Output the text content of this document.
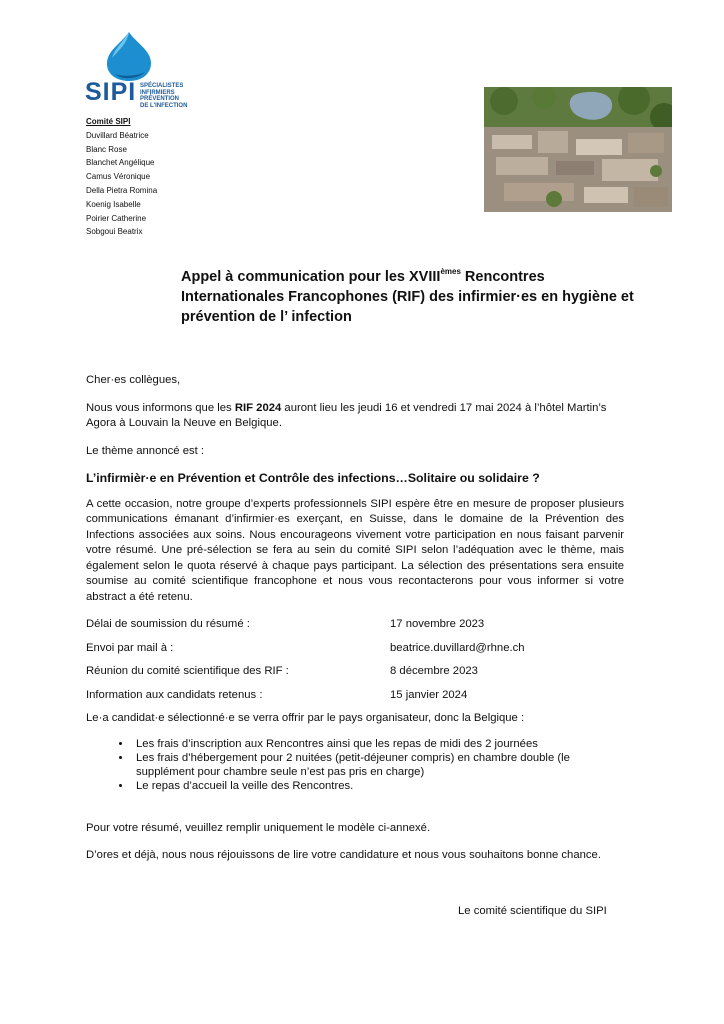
SIPI SPÉCIALISTES INFIRMIERS
PRÉVENTION
DE L'INFECTION
Comité SIPI
Duvillard Béatrice
Blanc Rose
Blanchet Angélique
Camus Véronique
Della Pietra Romina
Koenig Isabelle
Poirier Catherine
Sobgoui Beatrix
Appel à communication pour les XVIIIèmes Rencontres Internationales Francophones (RIF) des infirmier·es en hygiène et prévention de l’ infection

Cher·es collègues,

Nous vous informons que les RIF 2024 auront lieu les jeudi 16 et vendredi 17 mai 2024 à l’hôtel Martin’s Agora à Louvain la Neuve en Belgique.

Le thème annoncé est :

L’infirmièr·e en Prévention et Contrôle des infections…Solitaire ou solidaire ?

A cette occasion, notre groupe d’experts professionnels SIPI espère être en mesure de proposer plusieurs communications émanant d’infirmier·es exerçant, en Suisse, dans le domaine de la Prévention des Infections associées aux soins. Nous encourageons vivement votre participation en nous faisant parvenir votre résumé. Une pré-sélection se fera au sein du comité SIPI selon l’adéquation avec le thème, mais également selon le quota réservé à chaque pays participant. La sélection des présentations sera ensuite soumise au comité scientifique francophone et nous vous recontacterons pour vous informer si votre abstract a été retenu.

Délai de soumission du résumé :	17 novembre 2023
Envoi par mail à :	beatrice.duvillard@rhne.ch
Réunion du comité scientifique des RIF :	8 décembre 2023
Information aux candidats retenus :	15 janvier 2024

Le·a candidat·e sélectionné·e se verra offrir par le pays organisateur, donc la Belgique :

• Les frais d’inscription aux Rencontres ainsi que les repas de midi des 2 journées
• Les frais d’hébergement pour 2 nuitées (petit-déjeuner compris) en chambre double (le supplément pour chambre seule n’est pas pris en charge)
• Le repas d’accueil la veille des Rencontres.

Pour votre résumé, veuillez remplir uniquement le modèle ci-annexé.

D’ores et déjà, nous nous réjouissons de lire votre candidature et nous vous souhaitons bonne chance.

Le comité scientifique du SIPI
